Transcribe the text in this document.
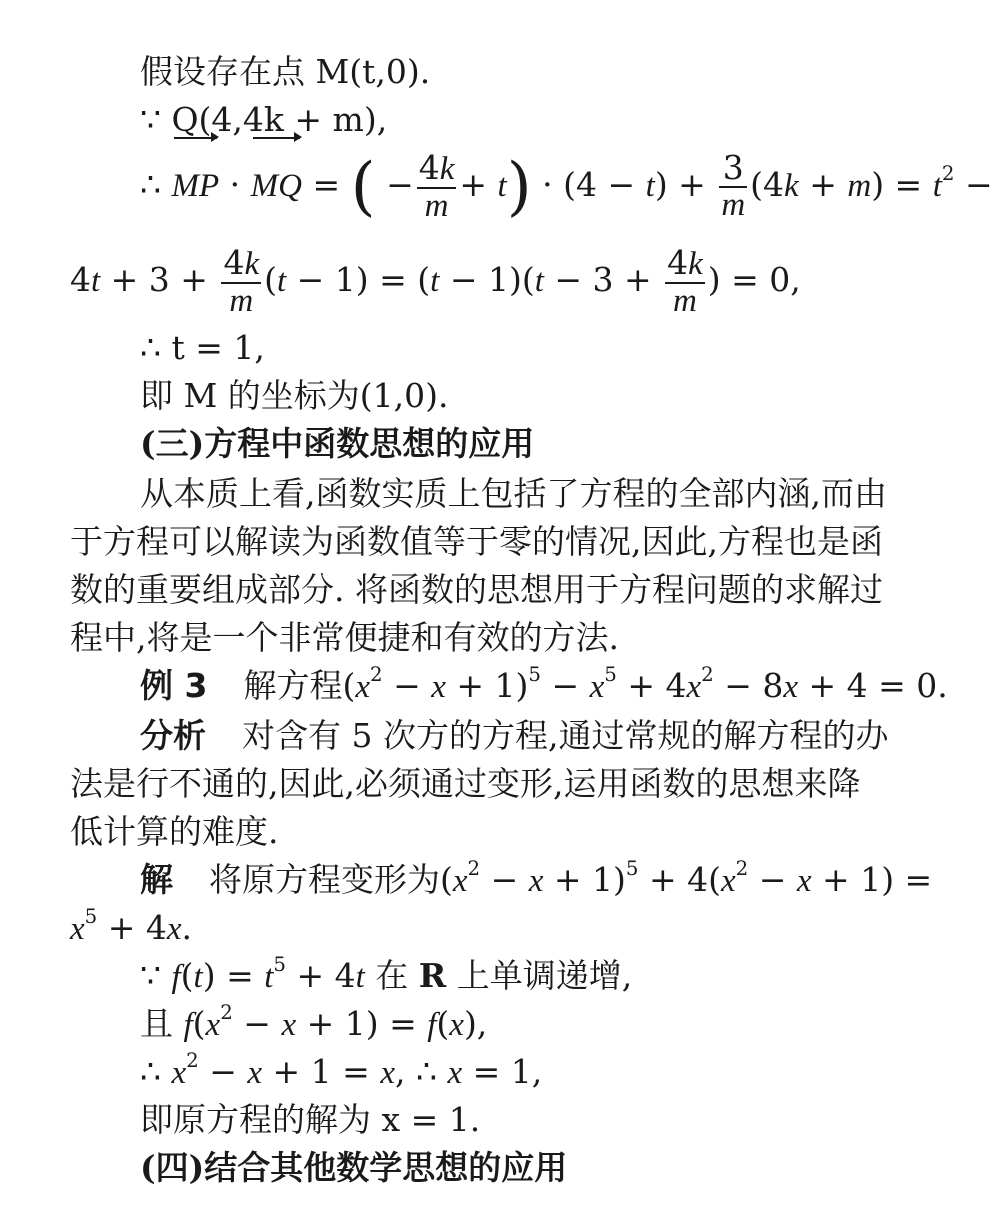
假设存在点 M(t,0).
∵ Q(4,4k + m),
∴ MP · MQ = ( − $\frac{4k}{m} + t) \cdot (4 - t) + \frac{3}{m} (4k + m) = t^2$ −
$4t + 3 + \frac{4k}{m} (t - 1) = (t - 1)(t - 3 + \frac{4k}{m}$ ) = 0,
∴ t = 1,
即 M 的坐标为(1,0).
(三)方程中函数思想的应用
从本质上看,函数实质上包括了方程的全部内涵,而由
于方程可以解读为函数值等于零的情况,因此,方程也是函
数的重要组成部分. 将函数的思想用于方程问题的求解过
程中,将是一个非常便捷和有效的方法.
例 3 解方程$(x^2 - x + 1)^5 - x^5 + 4x^2 - 8x + 4 = 0$.
分析 对含有 5 次方的方程,通过常规的解方程的办
法是行不通的,因此,必须通过变形,运用函数的思想来降
低计算的难度.
解 将原方程变形为$(x^2 - x + 1)^5 + 4(x^2 - x + 1)$ =
$x^5 + 4x$.
∵ $f(t) = t^5 + 4t$ 在 R 上单调递增,
且 $f(x^2 - x + 1) = f(x)$,
∴ $x^2 - x + 1 = x$, ∴ x = 1,
即原方程的解为 x = 1.
(四)结合其他数学思想的应用
